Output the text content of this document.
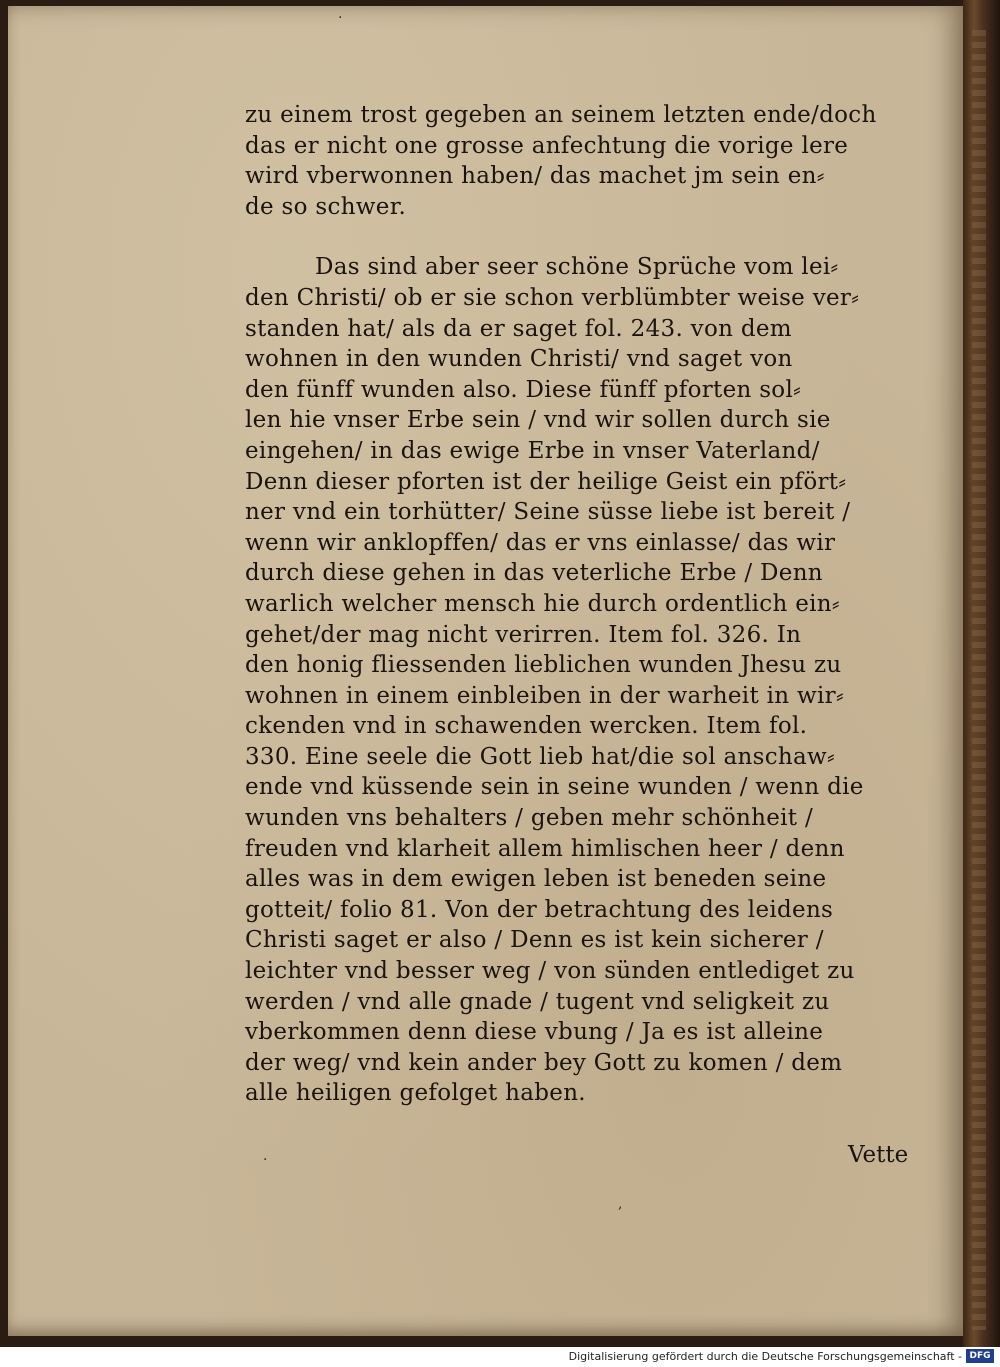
zu einem trost gegeben an seinem letzten ende/doch
das er nicht one grosse anfechtung die vorige lere
wird vberwonnen haben/ das machet jm sein en⸗
de so schwer.

Das sind aber seer schöne Sprüche vom lei⸗
den Christi/ ob er sie schon verblümbter weise ver⸗
standen hat/ als da er saget fol. 243. von dem
wohnen in den wunden Christi/ vnd saget von
den fünff wunden also. Diese fünff pforten sol⸗
len hie vnser Erbe sein / vnd wir sollen durch sie
eingehen/ in das ewige Erbe in vnser Vaterland/
Denn dieser pforten ist der heilige Geist ein pfört⸗
ner vnd ein torhütter/ Seine süsse liebe ist bereit /
wenn wir anklopffen/ das er vns einlasse/ das wir
durch diese gehen in das veterliche Erbe / Denn
warlich welcher mensch hie durch ordentlich ein⸗
gehet/der mag nicht verirren. Item fol. 326. In
den honig fliessenden lieblichen wunden Jhesu zu
wohnen in einem einbleiben in der warheit in wir⸗
ckenden vnd in schawenden wercken. Item fol.
330. Eine seele die Gott lieb hat/die sol anschaw⸗
ende vnd küssende sein in seine wunden / wenn die
wunden vns behalters / geben mehr schönheit /
freuden vnd klarheit allem himlischen heer / denn
alles was in dem ewigen leben ist beneden seine
gotteit/ folio 81. Von der betrachtung des leidens
Christi saget er also / Denn es ist kein sicherer /
leichter vnd besser weg / von sünden entlediget zu
werden / vnd alle gnade / tugent vnd seligkeit zu
vberkommen denn diese vbung / Ja es ist alleine
der weg/ vnd kein ander bey Gott zu komen / dem
alle heiligen gefolget haben.

Vette
·
·
,
Digitalisierung gefördert durch die Deutsche Forschungsgemeinschaft - DFG
